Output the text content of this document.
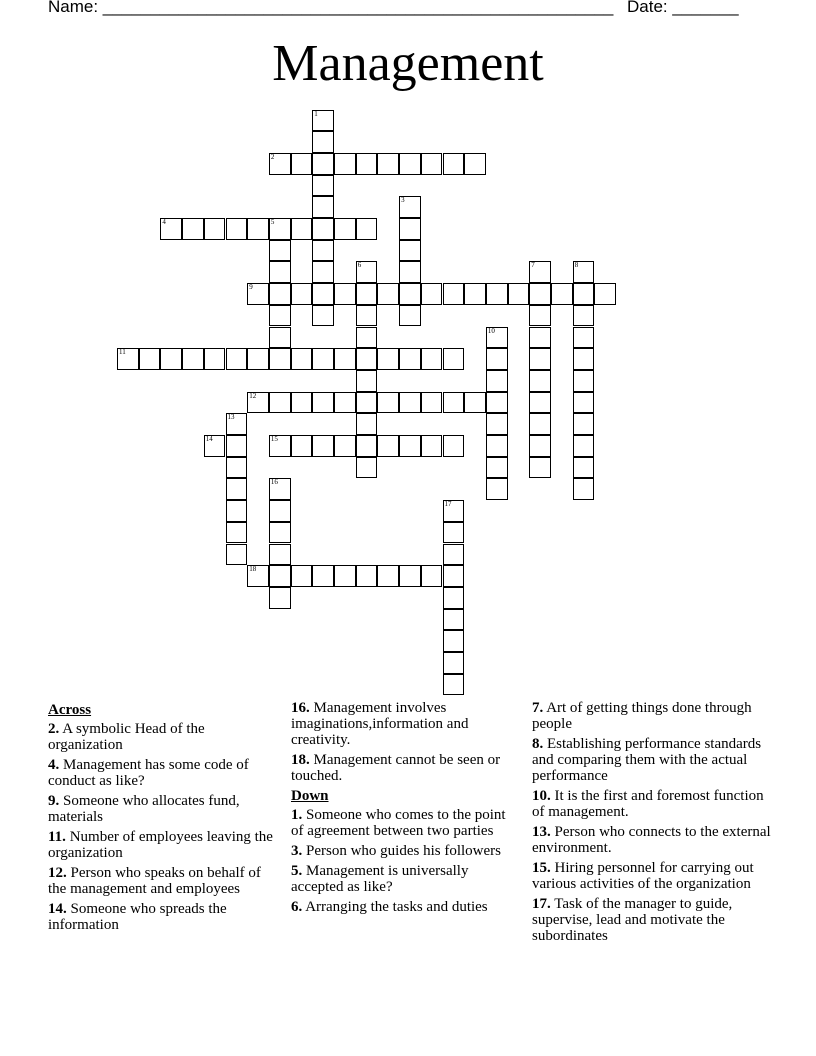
Name: ______________________________________________________ Date: _______
Management
1
2
3
4	5
6	7	8
9
10
11
12
13
14	15
16
17
18
Across
2. A symbolic Head of the organization
4. Management has some code of conduct as like?
9. Someone who allocates fund, materials
11. Number of employees leaving the organization
12. Person who speaks on behalf of the management and employees
14. Someone who spreads the information
16. Management involves imaginations,information and creativity.
18. Management cannot be seen or touched.
Down
1. Someone who comes to the point of agreement between two parties
3. Person who guides his followers
5. Management is universally accepted as like?
6. Arranging the tasks and duties
7. Art of getting things done through people
8. Establishing performance standards and comparing them with the actual performance
10. It is the first and foremost function of management.
13. Person who connects to the external environment.
15. Hiring personnel for carrying out various activities of the organization
17. Task of the manager to guide, supervise, lead and motivate the subordinates
